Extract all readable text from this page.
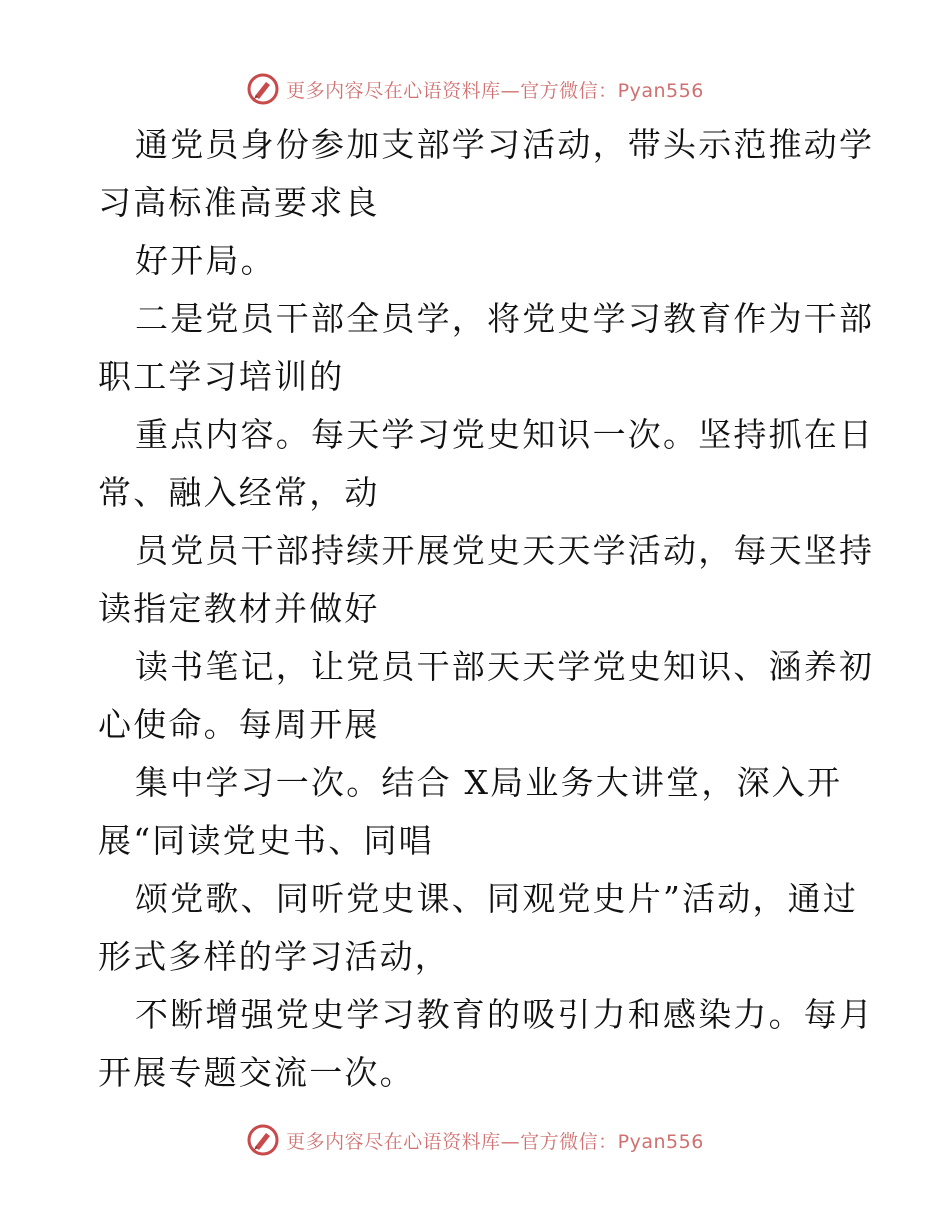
更多内容尽在心语资料库—官方微信：Pyan556
通党员身份参加支部学习活动，带头示范推动学
习高标准高要求良
好开局。
二是党员干部全员学，将党史学习教育作为干部
职工学习培训的
重点内容。每天学习党史知识一次。坚持抓在日
常、融入经常，动
员党员干部持续开展党史天天学活动，每天坚持
读指定教材并做好
读书笔记，让党员干部天天学党史知识、涵养初
心使命。每周开展
集中学习一次。结合 X局业务大讲堂，深入开
展“同读党史书、同唱
颂党歌、同听党史课、同观党史片”活动，通过
形式多样的学习活动，
不断增强党史学习教育的吸引力和感染力。每月
开展专题交流一次。
更多内容尽在心语资料库—官方微信：Pyan556
